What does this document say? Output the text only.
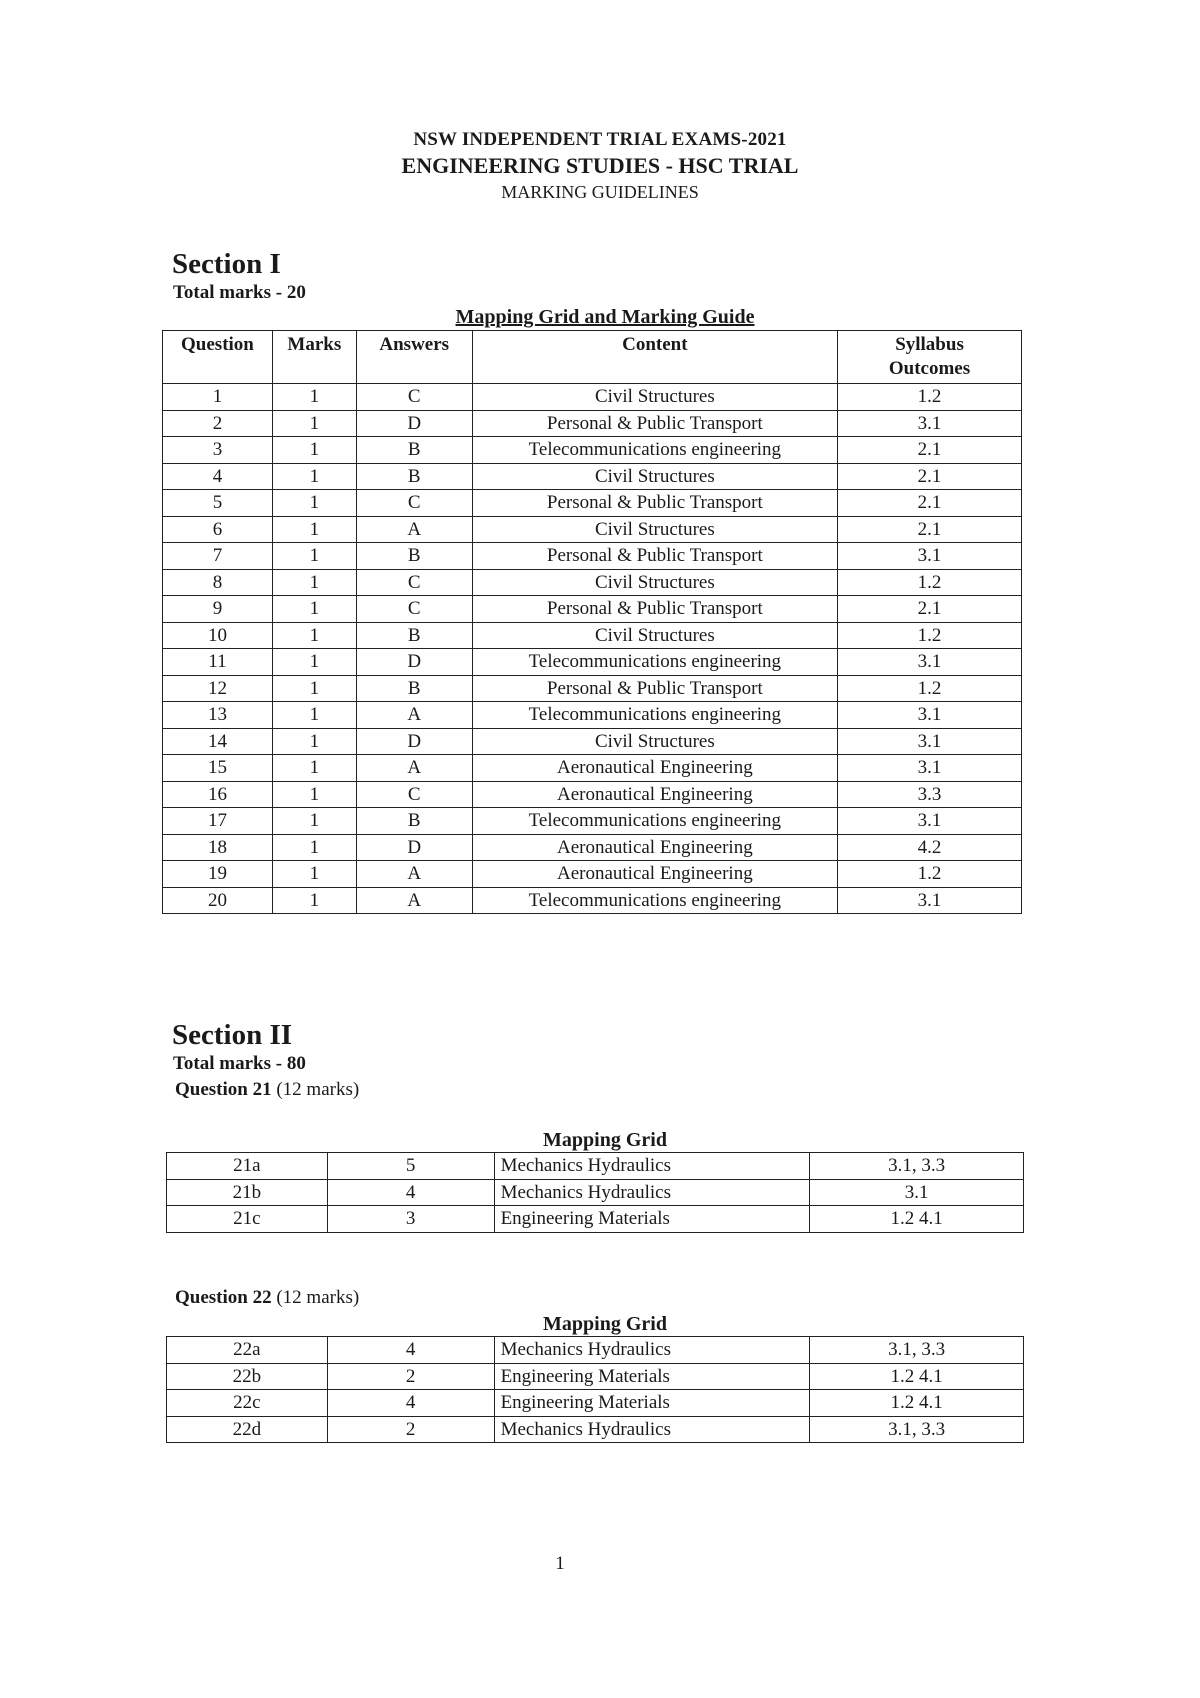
NSW INDEPENDENT TRIAL EXAMS-2021
ENGINEERING STUDIES - HSC TRIAL
MARKING GUIDELINES
Section I
Total marks - 20
Mapping Grid and Marking Guide
Question	Marks	Answers	Content	Syllabus Outcomes
1	1	C	Civil Structures	1.2
2	1	D	Personal & Public Transport	3.1
3	1	B	Telecommunications engineering	2.1
4	1	B	Civil Structures	2.1
5	1	C	Personal & Public Transport	2.1
6	1	A	Civil Structures	2.1
7	1	B	Personal & Public Transport	3.1
8	1	C	Civil Structures	1.2
9	1	C	Personal & Public Transport	2.1
10	1	B	Civil Structures	1.2
11	1	D	Telecommunications engineering	3.1
12	1	B	Personal & Public Transport	1.2
13	1	A	Telecommunications engineering	3.1
14	1	D	Civil Structures	3.1
15	1	A	Aeronautical Engineering	3.1
16	1	C	Aeronautical Engineering	3.3
17	1	B	Telecommunications engineering	3.1
18	1	D	Aeronautical Engineering	4.2
19	1	A	Aeronautical Engineering	1.2
20	1	A	Telecommunications engineering	3.1
Section II
Total marks - 80
Question 21 (12 marks)
Mapping Grid
21a	5	Mechanics Hydraulics	3.1, 3.3
21b	4	Mechanics Hydraulics	3.1
21c	3	Engineering Materials	1.2 4.1
Question 22 (12 marks)
Mapping Grid
22a	4	Mechanics Hydraulics	3.1, 3.3
22b	2	Engineering Materials	1.2 4.1
22c	4	Engineering Materials	1.2 4.1
22d	2	Mechanics Hydraulics	3.1, 3.3
1
